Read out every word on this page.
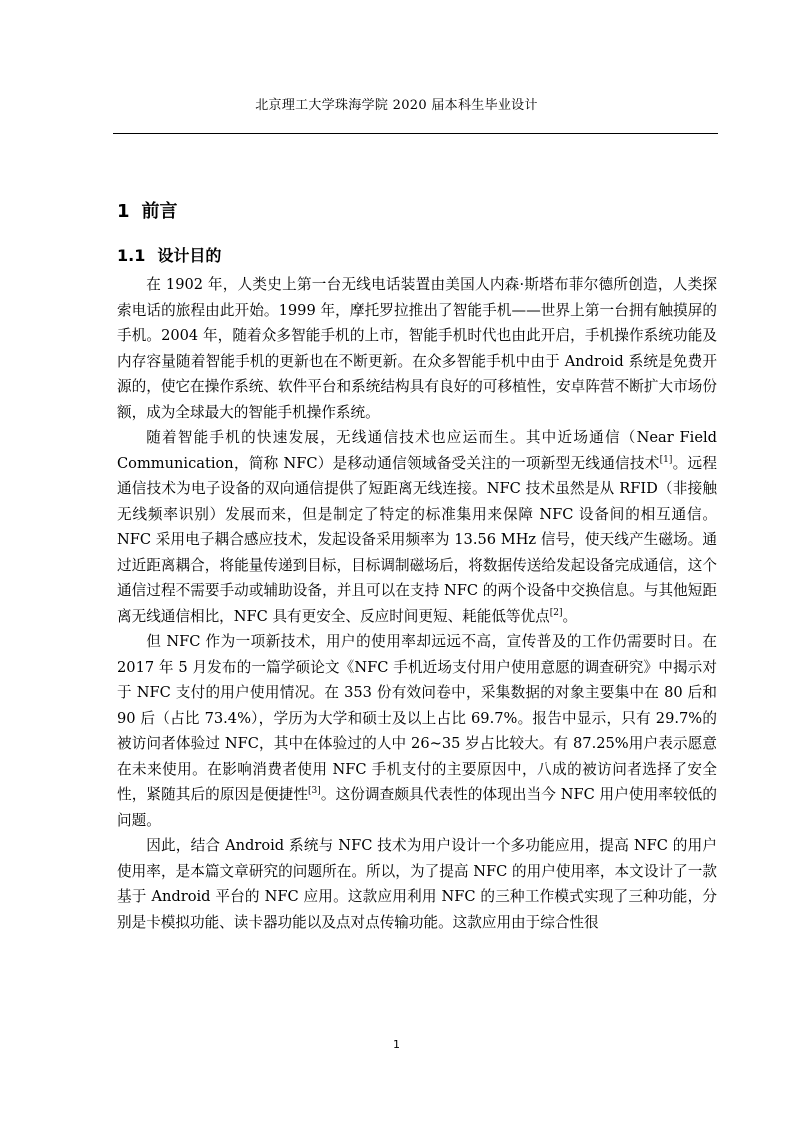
北京理工大学珠海学院 2020 届本科生毕业设计
1 前言
1.1 设计目的

在 1902 年，人类史上第一台无线电话装置由美国人内森·斯塔布菲尔德所创造，人类探索电话的旅程由此开始。1999 年，摩托罗拉推出了智能手机——世界上第一台拥有触摸屏的手机。2004 年，随着众多智能手机的上市，智能手机时代也由此开启，手机操作系统功能及内存容量随着智能手机的更新也在不断更新。在众多智能手机中由于 Android 系统是免费开源的，使它在操作系统、软件平台和系统结构具有良好的可移植性，安卓阵营不断扩大市场份额，成为全球最大的智能手机操作系统。

随着智能手机的快速发展，无线通信技术也应运而生。其中近场通信（Near Field Communication，简称 NFC）是移动通信领域备受关注的一项新型无线通信技术[1]。远程通信技术为电子设备的双向通信提供了短距离无线连接。NFC 技术虽然是从 RFID（非接触无线频率识别）发展而来，但是制定了特定的标准集用来保障 NFC 设备间的相互通信。NFC 采用电子耦合感应技术，发起设备采用频率为 13.56 MHz 信号，使天线产生磁场。通过近距离耦合，将能量传递到目标，目标调制磁场后，将数据传送给发起设备完成通信，这个通信过程不需要手动或辅助设备，并且可以在支持 NFC 的两个设备中交换信息。与其他短距离无线通信相比，NFC 具有更安全、反应时间更短、耗能低等优点[2]。

但 NFC 作为一项新技术，用户的使用率却远远不高，宣传普及的工作仍需要时日。在 2017 年 5 月发布的一篇学硕论文《NFC 手机近场支付用户使用意愿的调查研究》中揭示对于 NFC 支付的用户使用情况。在 353 份有效问卷中，采集数据的对象主要集中在 80 后和 90 后（占比 73.4%），学历为大学和硕士及以上占比 69.7%。报告中显示，只有 29.7%的被访问者体验过 NFC，其中在体验过的人中 26~35 岁占比较大。有 87.25%用户表示愿意在未来使用。在影响消费者使用 NFC 手机支付的主要原因中，八成的被访问者选择了安全性，紧随其后的原因是便捷性[3]。这份调查颇具代表性的体现出当今 NFC 用户使用率较低的问题。

因此，结合 Android 系统与 NFC 技术为用户设计一个多功能应用，提高 NFC 的用户使用率，是本篇文章研究的问题所在。所以，为了提高 NFC 的用户使用率，本文设计了一款基于 Android 平台的 NFC 应用。这款应用利用 NFC 的三种工作模式实现了三种功能，分别是卡模拟功能、读卡器功能以及点对点传输功能。这款应用由于综合性很

1
